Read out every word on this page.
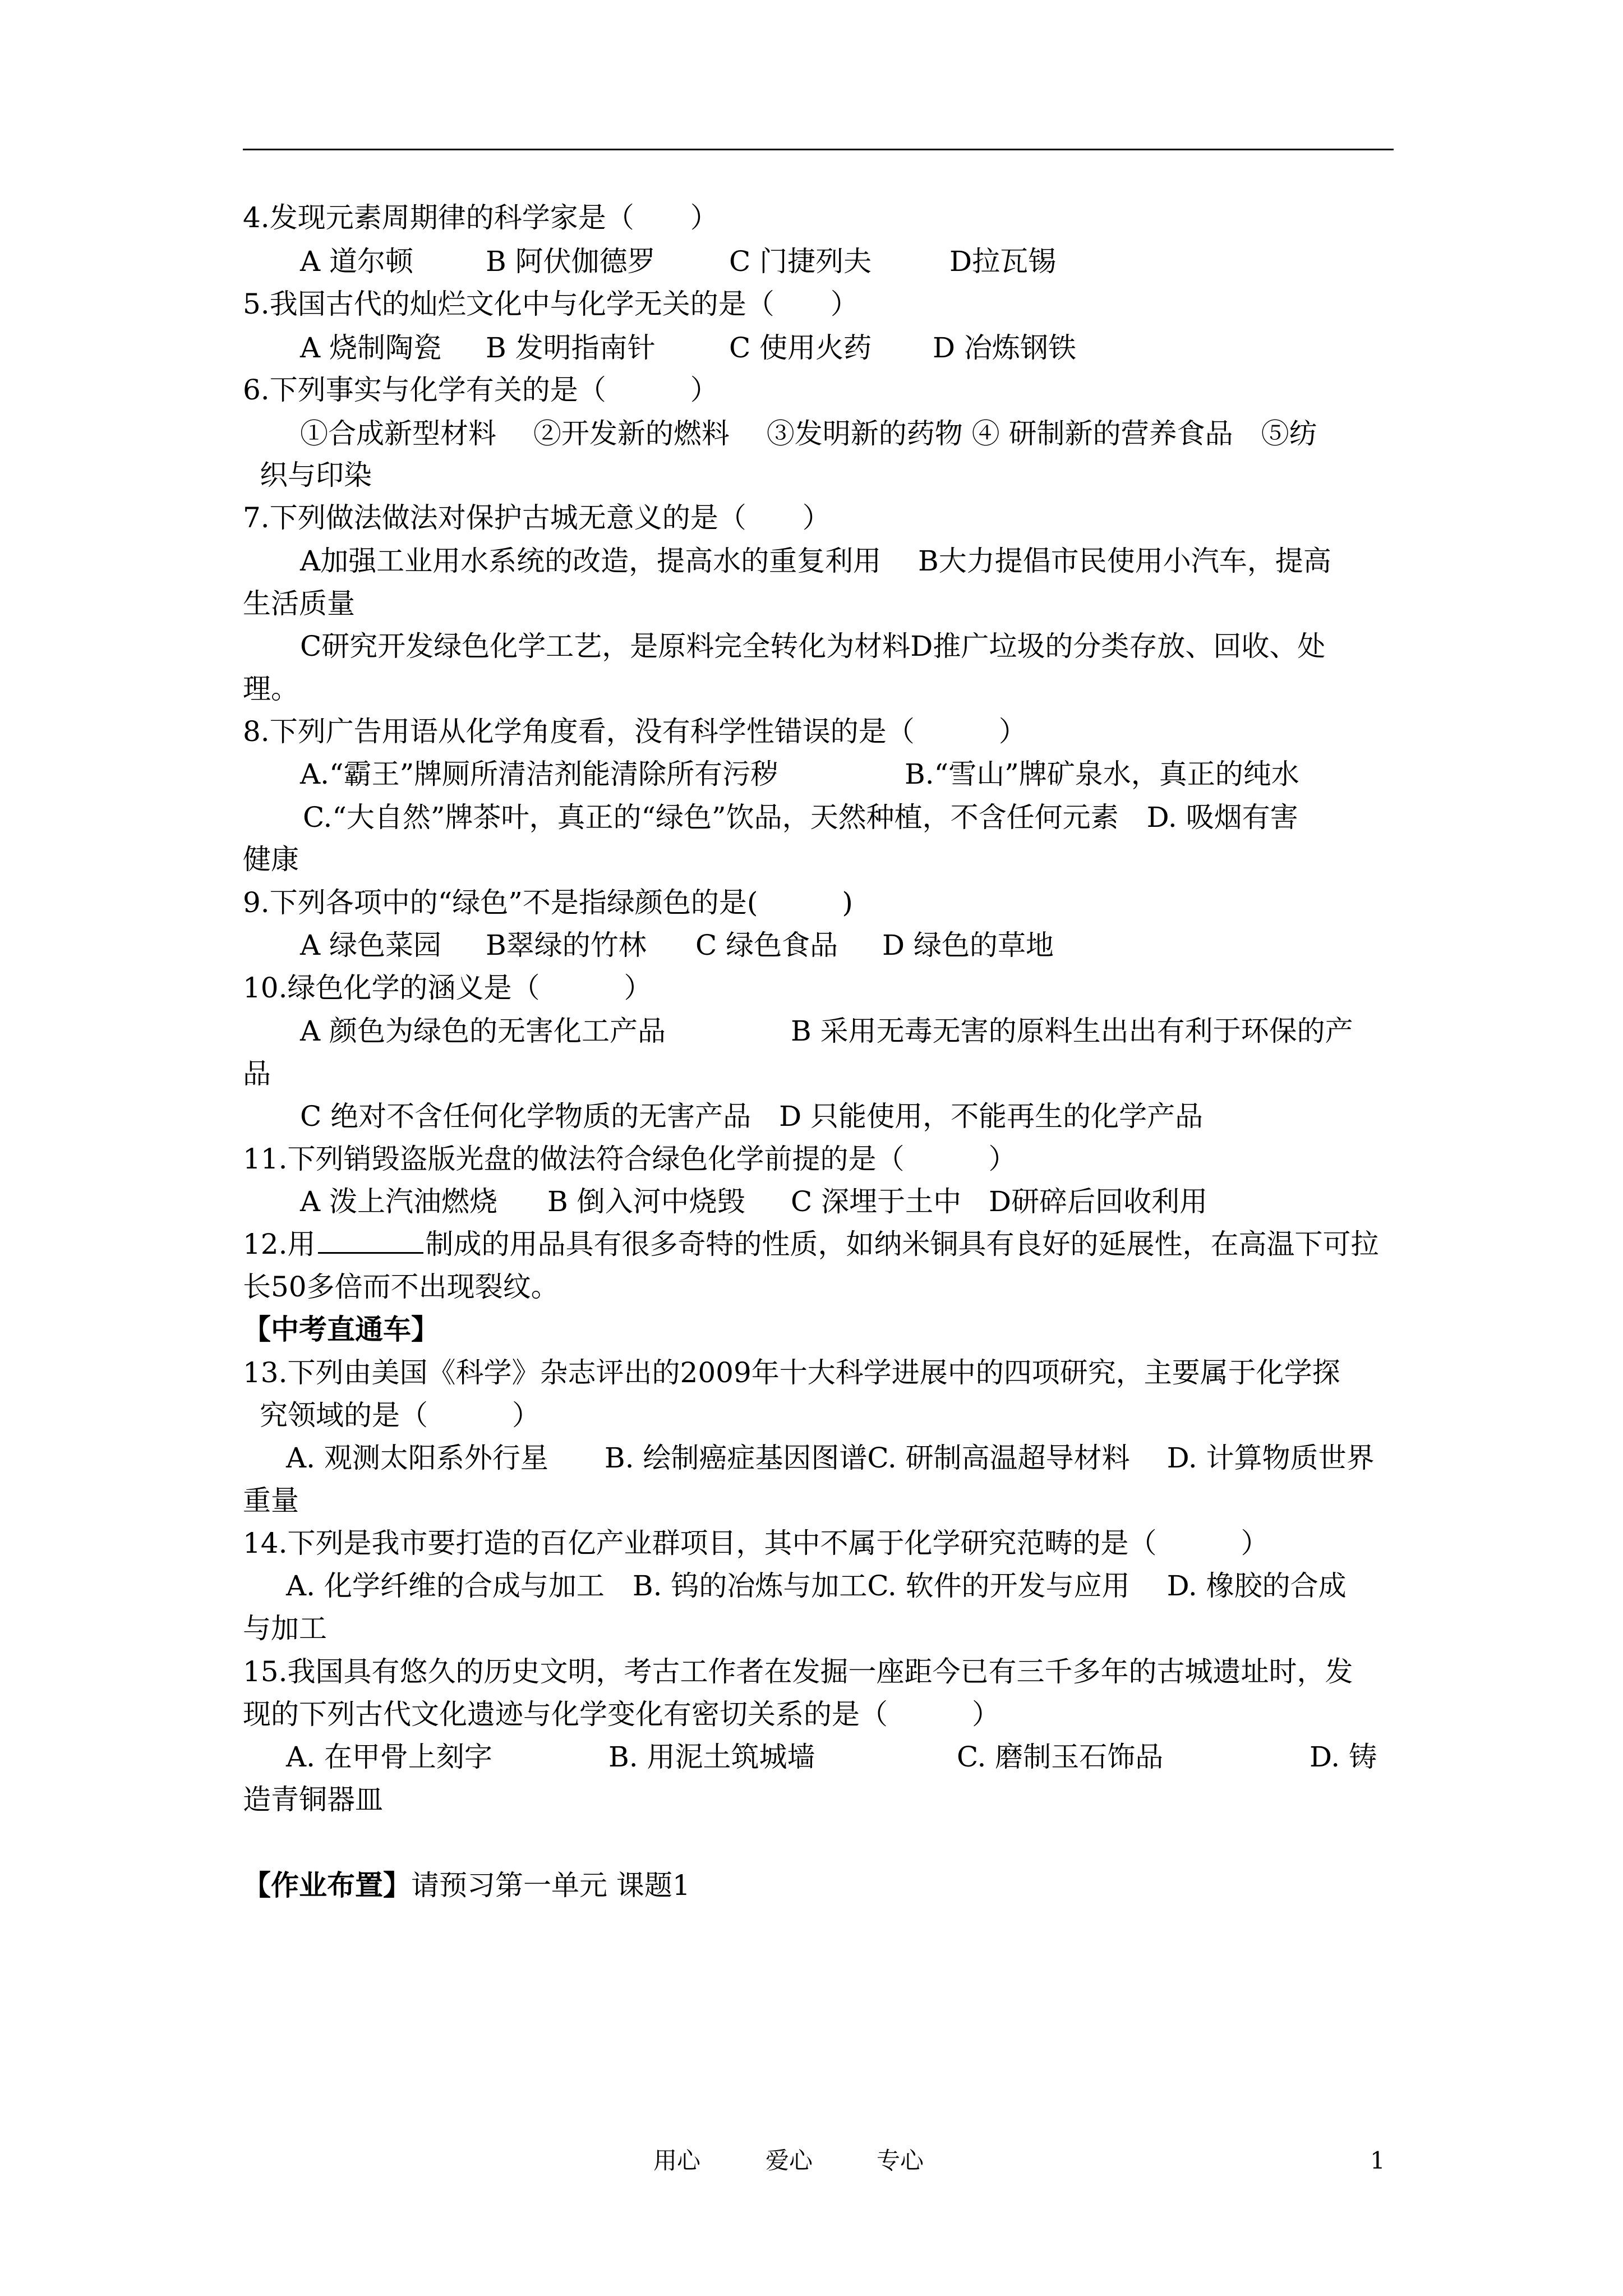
4.发现元素周期律的科学家是（　　）
A 道尔顿	B 阿伏伽德罗	C 门捷列夫	D拉瓦锡
5.我国古代的灿烂文化中与化学无关的是（　　）
A 烧制陶瓷 B 发明指南针	C 使用火药 D 冶炼钢铁
6.下列事实与化学有关的是（　　　）
①合成新型材料　 ②开发新的燃料　 ③发明新的药物 ④ 研制新的营养食品　⑤纺
织与印染
7.下列做法做法对保护古城无意义的是（　　）
A加强工业用水系统的改造，提高水的重复利用　 B大力提倡市民使用小汽车，提高
生活质量
C研究开发绿色化学工艺，是原料完全转化为材料D推广垃圾的分类存放、回收、处
理。
8.下列广告用语从化学角度看，没有科学性错误的是（　　　）
A.“霸王”牌厕所清洁剂能清除所有污秽	B.“雪山”牌矿泉水，真正的纯水
C.“大自然”牌茶叶，真正的“绿色”饮品，天然种植，不含任何元素　D. 吸烟有害
健康
9.下列各项中的“绿色”不是指绿颜色的是(　　　)
A 绿色菜园 B翠绿的竹林 C 绿色食品 D 绿色的草地
10.绿色化学的涵义是（　　　）
A 颜色为绿色的无害化工产品	B 采用无毒无害的原料生出出有利于环保的产
品
C 绝对不含任何化学物质的无害产品　D 只能使用，不能再生的化学产品
11.下列销毁盗版光盘的做法符合绿色化学前提的是（　　　）
A 泼上汽油燃烧 B 倒入河中烧毁 C 深埋于土中 D研碎后回收利用
12.用	制成的用品具有很多奇特的性质，如纳米铜具有良好的延展性，在高温下可拉
长50多倍而不出现裂纹。
【中考直通车】
13.下列由美国《科学》杂志评出的2009年十大科学进展中的四项研究，主要属于化学探
究领域的是（　　　）
A. 观测太阳系外行星　　B. 绘制癌症基因图谱C. 研制高温超导材料　 D. 计算物质世界
重量
14.下列是我市要打造的百亿产业群项目，其中不属于化学研究范畴的是（　　　）
A. 化学纤维的合成与加工　B. 钨的冶炼与加工C. 软件的开发与应用　 D. 橡胶的合成
与加工
15.我国具有悠久的历史文明，考古工作者在发掘一座距今已有三千多年的古城遗址时，发
现的下列古代文化遗迹与化学变化有密切关系的是（　　　）
A. 在甲骨上刻字	B. 用泥土筑城墙	C. 磨制玉石饰品	D. 铸
造青铜器皿
【作业布置】请预习第一单元 课题1
用心	爱心	专心	1
